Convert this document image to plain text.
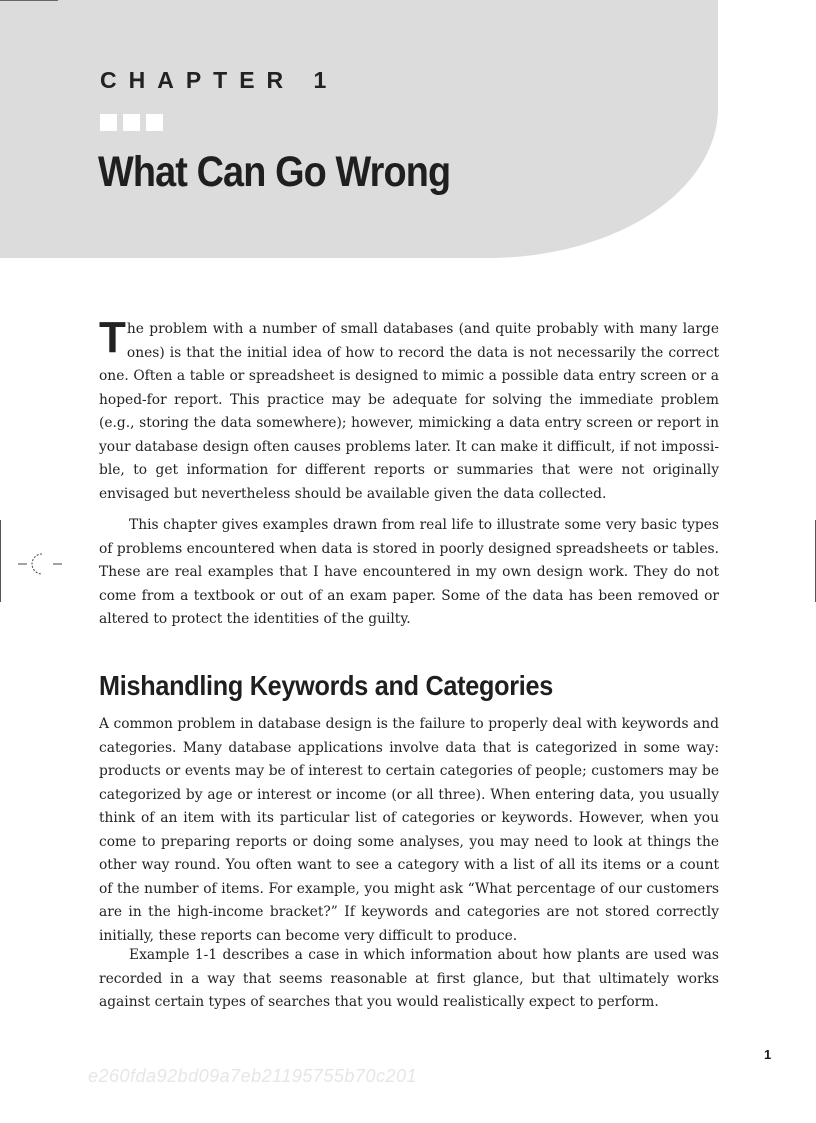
CHAPTER 1
What Can Go Wrong

The problem with a number of small databases (and quite probably with many large ones) is that the initial idea of how to record the data is not necessarily the correct one. Often a table or spreadsheet is designed to mimic a possible data entry screen or a hoped-for report. This practice may be adequate for solving the immediate problem (e.g., storing the data somewhere); however, mimicking a data entry screen or report in your database design often causes problems later. It can make it difficult, if not impossi-ble, to get information for different reports or summaries that were not originally envisaged but nevertheless should be available given the data collected.

This chapter gives examples drawn from real life to illustrate some very basic types of problems encountered when data is stored in poorly designed spreadsheets or tables. These are real examples that I have encountered in my own design work. They do not come from a textbook or out of an exam paper. Some of the data has been removed or altered to protect the identities of the guilty.

Mishandling Keywords and Categories

A common problem in database design is the failure to properly deal with keywords and categories. Many database applications involve data that is categorized in some way: products or events may be of interest to certain categories of people; customers may be categorized by age or interest or income (or all three). When entering data, you usually think of an item with its particular list of categories or keywords. However, when you come to preparing reports or doing some analyses, you may need to look at things the other way round. You often want to see a category with a list of all its items or a count of the number of items. For example, you might ask “What percentage of our customers are in the high-income bracket?” If keywords and categories are not stored correctly initially, these reports can become very difficult to produce.

Example 1-1 describes a case in which information about how plants are used was recorded in a way that seems reasonable at first glance, but that ultimately works against certain types of searches that you would realistically expect to perform.

1

e260fda92bd09a7eb21195755b70c201
